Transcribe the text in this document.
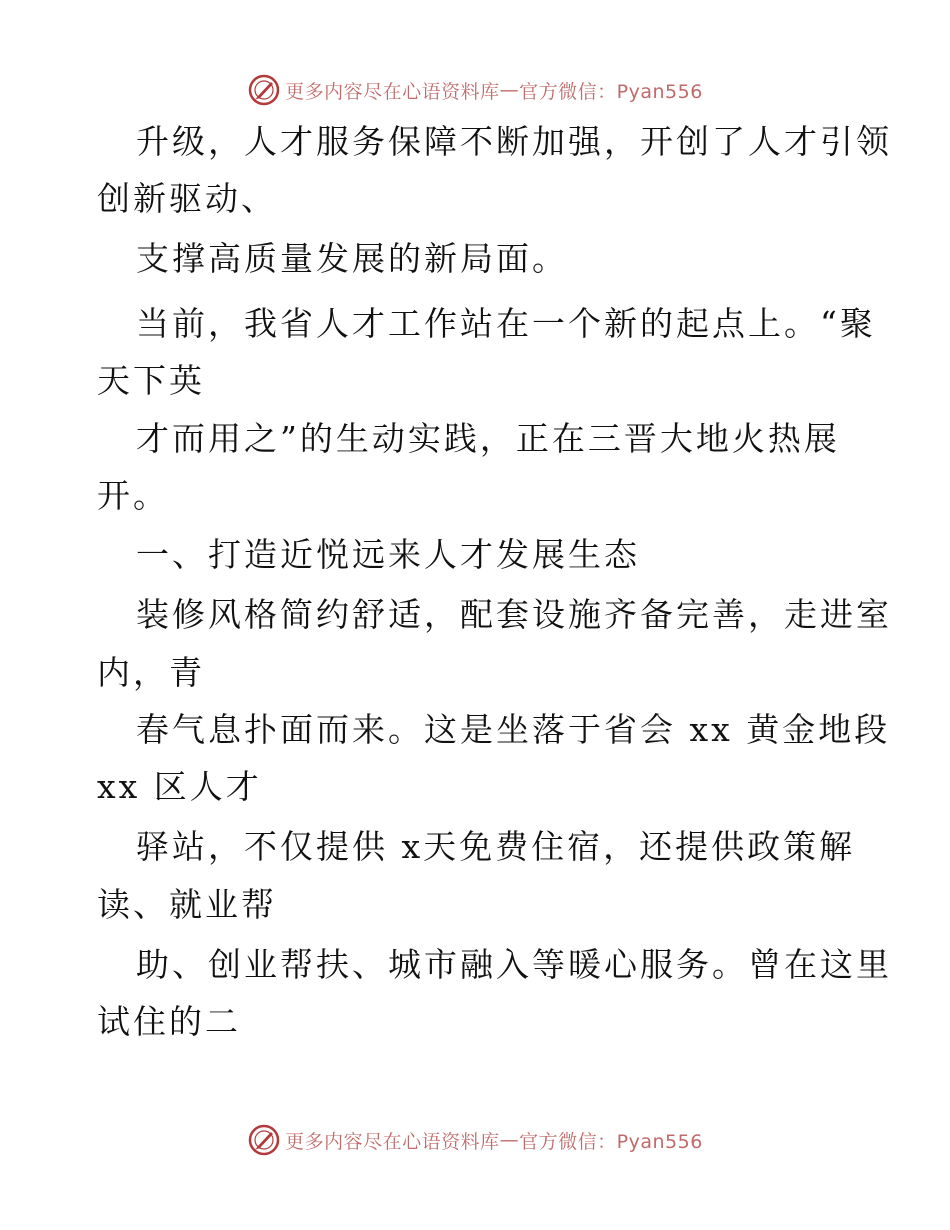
更多内容尽在心语资料库 — 官方微信：Pyan556
升级，人才服务保障不断加强，开创了人才引领
创新驱动、
支撑高质量发展的新局面。
当前，我省人才工作站在一个新的起点上。“聚
天下英
才而用之”的生动实践，正在三晋大地火热展
开。
一、打造近悦远来人才发展生态
装修风格简约舒适，配套设施齐备完善，走进室
内，青
春气息扑面而来。这是坐落于省会 xx 黄金地段
xx 区人才
驿站，不仅提供 x天免费住宿，还提供政策解
读、就业帮
助、创业帮扶、城市融入等暖心服务。曾在这里
试住的二
更多内容尽在心语资料库 — 官方微信：Pyan556
